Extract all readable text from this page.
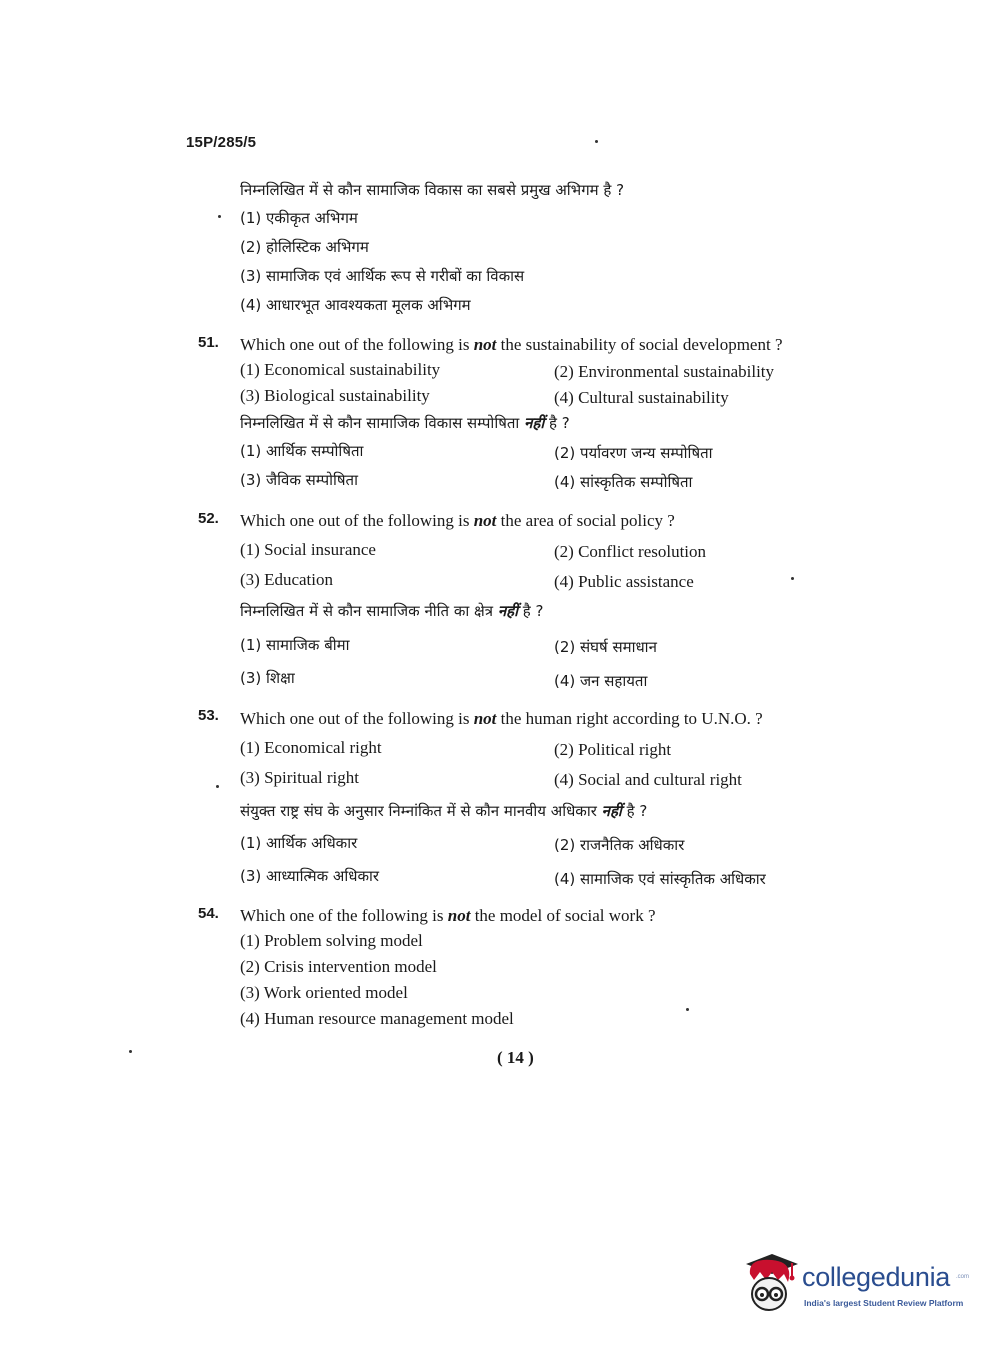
15P/285/5
निम्नलिखित में से कौन सामाजिक विकास का सबसे प्रमुख अभिगम है ?
(1) एकीकृत अभिगम
(2) होलिस्टिक अभिगम
(3) सामाजिक एवं आर्थिक रूप से गरीबों का विकास
(4) आधारभूत आवश्यकता मूलक अभिगम
51. Which one out of the following is not the sustainability of social development ?
(1) Economical sustainability	(2) Environmental sustainability
(3) Biological sustainability	(4) Cultural sustainability
निम्नलिखित में से कौन सामाजिक विकास सम्पोषिता नहीं है ?
(1) आर्थिक सम्पोषिता	(2) पर्यावरण जन्य सम्पोषिता
(3) जैविक सम्पोषिता	(4) सांस्कृतिक सम्पोषिता
52. Which one out of the following is not the area of social policy ?
(1) Social insurance	(2) Conflict resolution
(3) Education	(4) Public assistance
निम्नलिखित में से कौन सामाजिक नीति का क्षेत्र नहीं है ?
(1) सामाजिक बीमा	(2) संघर्ष समाधान
(3) शिक्षा	(4) जन सहायता
53. Which one out of the following is not the human right according to U.N.O. ?
(1) Economical right	(2) Political right
(3) Spiritual right	(4) Social and cultural right
संयुक्त राष्ट्र संघ के अनुसार निम्नांकित में से कौन मानवीय अधिकार नहीं है ?
(1) आर्थिक अधिकार	(2) राजनैतिक अधिकार
(3) आध्यात्मिक अधिकार	(4) सामाजिक एवं सांस्कृतिक अधिकार
54. Which one of the following is not the model of social work ?
(1) Problem solving model
(2) Crisis intervention model
(3) Work oriented model
(4) Human resource management model
( 14 )
collegedunia .com
India's largest Student Review Platform
